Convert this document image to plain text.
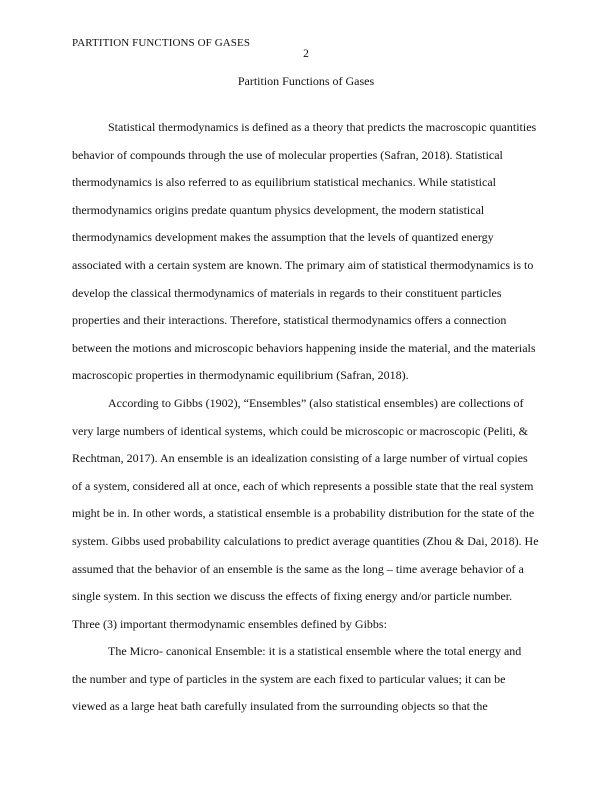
PARTITION FUNCTIONS OF GASES
2
Partition Functions of Gases
Statistical thermodynamics is defined as a theory that predicts the macroscopic quantities
behavior of compounds through the use of molecular properties (Safran, 2018). Statistical
thermodynamics is also referred to as equilibrium statistical mechanics. While statistical
thermodynamics origins predate quantum physics development, the modern statistical
thermodynamics development makes the assumption that the levels of quantized energy
associated with a certain system are known. The primary aim of statistical thermodynamics is to
develop the classical thermodynamics of materials in regards to their constituent particles
properties and their interactions. Therefore, statistical thermodynamics offers a connection
between the motions and microscopic behaviors happening inside the material, and the materials
macroscopic properties in thermodynamic equilibrium (Safran, 2018).
According to Gibbs (1902), “Ensembles” (also statistical ensembles) are collections of
very large numbers of identical systems, which could be microscopic or macroscopic (Peliti, &
Rechtman, 2017). An ensemble is an idealization consisting of a large number of virtual copies
of a system, considered all at once, each of which represents a possible state that the real system
might be in. In other words, a statistical ensemble is a probability distribution for the state of the
system. Gibbs used probability calculations to predict average quantities (Zhou & Dai, 2018). He
assumed that the behavior of an ensemble is the same as the long – time average behavior of a
single system. In this section we discuss the effects of fixing energy and/or particle number.
Three (3) important thermodynamic ensembles defined by Gibbs:
The Micro- canonical Ensemble: it is a statistical ensemble where the total energy and
the number and type of particles in the system are each fixed to particular values; it can be
viewed as a large heat bath carefully insulated from the surrounding objects so that the
